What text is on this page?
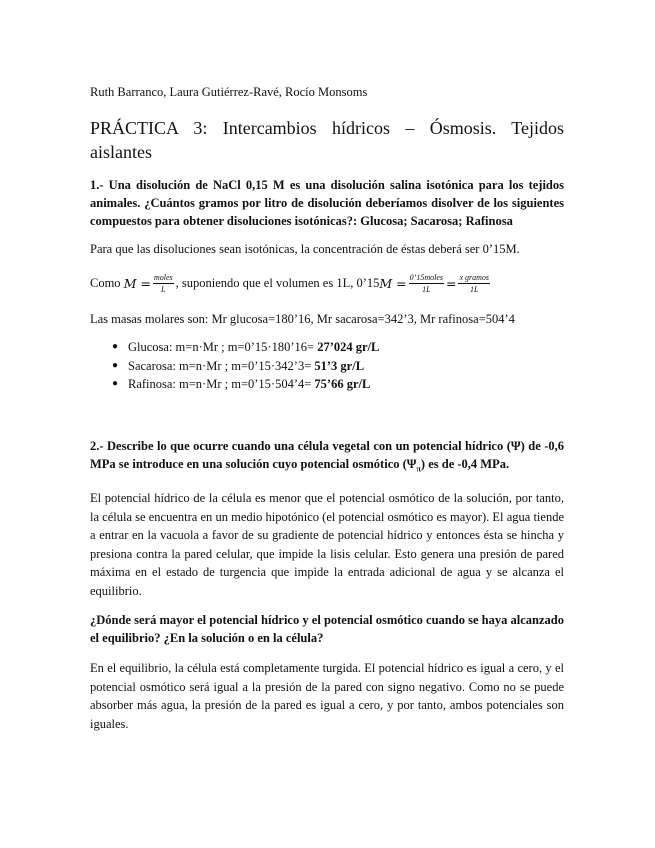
Ruth Barranco, Laura Gutiérrez-Ravé, Rocío Monsoms
PRÁCTICA 3: Intercambios hídricos – Ósmosis. Tejidos aislantes
1.- Una disolución de NaCl 0,15 M es una disolución salina isotónica para los tejidos animales. ¿Cuántos gramos por litro de disolución deberíamos disolver de los siguientes compuestos para obtener disoluciones isotónicas?: Glucosa; Sacarosa; Rafinosa
Para que las disoluciones sean isotónicas, la concentración de éstas deberá ser 0’15M.
Como
$M = \frac{\text{moles}}{L}$ , suponiendo que el volumen es 1L, 0’15 $M = \frac{\text{0’15moles}}{1L} = \frac{\text{x gramos}}{1L}$
Las masas molares son: Mr glucosa=180’16, Mr sacarosa=342’3, Mr rafinosa=504’4
● Glucosa: m=n·Mr ; m=0’15·180’16= 27’024 gr/L
● Sacarosa: m=n·Mr ; m=0’15·342’3= 51’3 gr/L
● Rafinosa: m=n·Mr ; m=0’15·504’4= 75’66 gr/L
2.- Describe lo que ocurre cuando una célula vegetal con un potencial hídrico (Ψ) de -0,6 MPa se introduce en una solución cuyo potencial osmótico $(\Psi_\pi)$ es de -0,4 MPa.
El potencial hídrico de la célula es menor que el potencial osmótico de la solución, por tanto, la célula se encuentra en un medio hipotónico (el potencial osmótico es mayor). El agua tiende a entrar en la vacuola a favor de su gradiente de potencial hídrico y entonces ésta se hincha y presiona contra la pared celular, que impide la lisis celular. Esto genera una presión de pared máxima en el estado de turgencia que impide la entrada adicional de agua y se alcanza el equilibrio.
¿Dónde será mayor el potencial hídrico y el potencial osmótico cuando se haya alcanzado el equilibrio? ¿En la solución o en la célula?
En el equilibrio, la célula está completamente turgida. El potencial hídrico es igual a cero, y el potencial osmótico será igual a la presión de la pared con signo negativo. Como no se puede absorber más agua, la presión de la pared es igual a cero, y por tanto, ambos potenciales son iguales.
